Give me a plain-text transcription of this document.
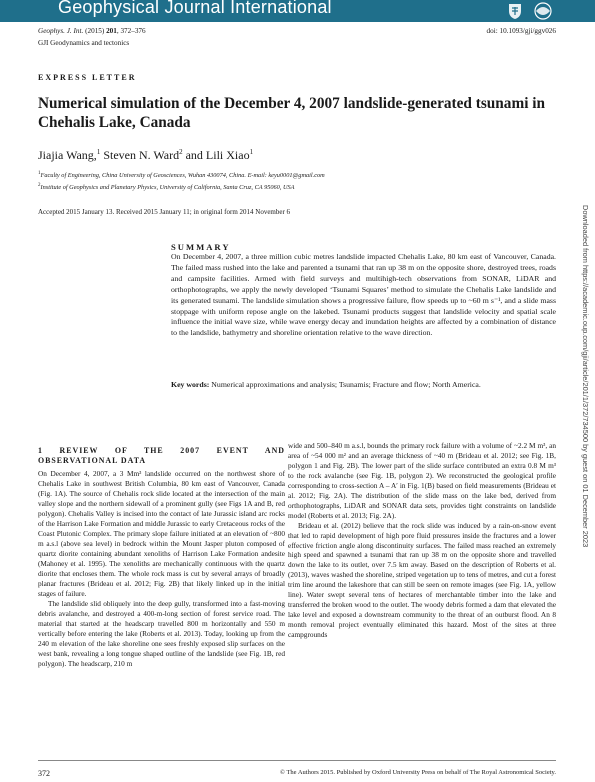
Geophysical Journal International
Geophys. J. Int. (2015) 201, 372–376	doi: 10.1093/gji/ggv026
GJI Geodynamics and tectonics
EXPRESS LETTER
Numerical simulation of the December 4, 2007 landslide-generated tsunami in Chehalis Lake, Canada
Jiajia Wang,$^1$ Steven N. Ward$^2$ and Lili Xiao$^1$
$^1$Faculty of Engineering, China University of Geosciences, Wuhan 430074, China. E-mail: keyu0001@gmail.com
$^2$Institute of Geophysics and Planetary Physics, University of California, Santa Cruz, CA 95060, USA
Accepted 2015 January 13. Received 2015 January 11; in original form 2014 November 6
SUMMARY

On December 4, 2007, a three million cubic metres landslide impacted Chehalis Lake, 80 km east of Vancouver, Canada. The failed mass rushed into the lake and parented a tsunami that ran up 38 m on the opposite shore, destroyed trees, roads and campsite facilities. Armed with field surveys and multihigh-tech observations from SONAR, LiDAR and orthophotographs, we apply the newly developed ‘Tsunami Squares’ method to simulate the Chehalis Lake landslide and its generated tsunami. The landslide simulation shows a progressive failure, flow speeds up to ~60 m s⁻¹, and a slide mass stoppage with uniform repose angle on the lakebed. Tsunami products suggest that landslide velocity and spatial scale influence the initial wave size, while wave energy decay and inundation heights are affected by a combination of distance to the landslide, bathymetry and shoreline orientation relative to the wave direction.

Key words: Numerical approximations and analysis; Tsunamis; Fracture and flow; North America.

1 REVIEW OF THE 2007 EVENT AND OBSERVATIONAL DATA

On December 4, 2007, a 3 Mm³ landslide occurred on the northwest shore of Chehalis Lake in southwest British Columbia, 80 km east of Vancouver, Canada (Fig. 1A). The source of Chehalis rock slide located at the intersection of the main valley slope and the northern sidewall of a prominent gully (see Figs 1A and B, red polygon). Chehalis Valley is incised into the contact of late Jurassic island arc rocks of the Harrison Lake Formation and middle Jurassic to early Cretaceous rocks of the Coast Plutonic Complex. The primary slope failure initiated at an elevation of ~800 m a.s.l (above sea level) in bedrock within the Mount Jasper pluton composed of quartz diorite containing abundant xenoliths of Harrison Lake Formation andesite (Mahoney et al. 1995). The xenoliths are mechanically continuous with the quartz diorite that encloses them. The whole rock mass is cut by several arrays of broadly planar fractures (Brideau et al. 2012; Fig. 2B) that likely linked up in the initial stages of failure.

The landslide slid obliquely into the deep gully, transformed into a fast-moving debris avalanche, and destroyed a 400-m-long section of forest service road. The material that started at the headscarp travelled 800 m horizontally and 550 m vertically before entering the lake (Roberts et al. 2013). Today, looking up from the 240 m elevation of the lake shoreline one sees freshly exposed slip surfaces on the west bank, revealing a long tongue shaped outline of the landslide (see Fig. 1B, red polygon). The headscarp, 210 m

wide and 500–840 m a.s.l, bounds the primary rock failure with a volume of ~2.2 M m³, an area of ~54 000 m² and an average thickness of ~40 m (Brideau et al. 2012; see Fig. 1B, polygon 1 and Fig. 2B). The lower part of the slide surface contributed an extra 0.8 M m³ to the rock avalanche (see Fig. 1B, polygon 2). We reconstructed the geological profile corresponding to cross-section A – A′ in Fig. 1(B) based on field measurements (Brideau et al. 2012; Fig. 2A). The distribution of the slide mass on the lake bed, derived from orthophotographs, LiDAR and SONAR data sets, provides tight constraints on landslide model (Roberts et al. 2013; Fig. 2A).

Brideau et al. (2012) believe that the rock slide was induced by a rain-on-snow event that led to rapid development of high pore fluid pressures inside the fractures and a lower effective friction angle along discontinuity surfaces. The failed mass reached an extremely high speed and spawned a tsunami that ran up 38 m on the opposite shore and travelled down the lake to its outlet, over 7.5 km away. Based on the description of Roberts et al. (2013), waves washed the shoreline, striped vegetation up to tens of metres, and cut a forest trim line around the lakeshore that can still be seen on remote images (see Fig. 1A, yellow line). Water swept several tens of hectares of merchantable timber into the lake and transferred the broken wood to the outlet. The woody debris formed a dam that elevated the lake level and exposed a downstream community to the threat of an outburst flood. An 8 month removal project eventually eliminated this hazard. Most of the sites at three campgrounds

Downloaded from https://academic.oup.com/gji/article/201/1/372/734500 by guest on 01 December 2023
372	© The Authors 2015. Published by Oxford University Press on behalf of The Royal Astronomical Society.
